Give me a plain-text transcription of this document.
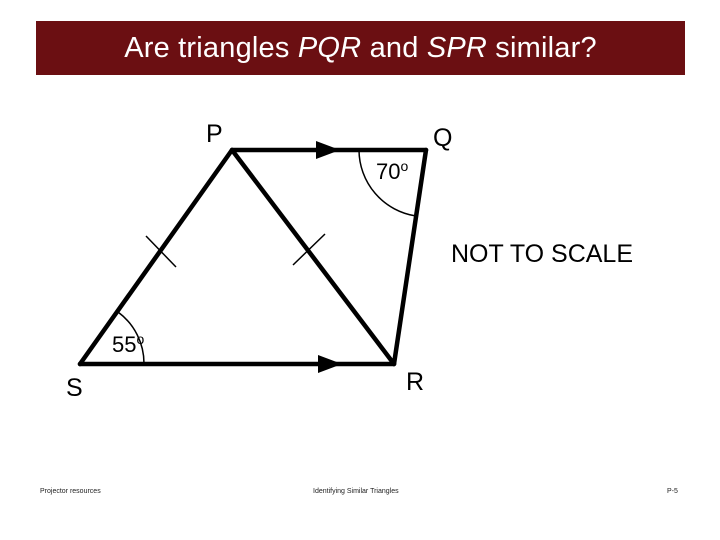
Are triangles PQR and SPR similar?
P	Q
R
S
70$^o$
55$^o$
NOT TO SCALE
Projector resources	Identifying Similar Triangles	P-5
